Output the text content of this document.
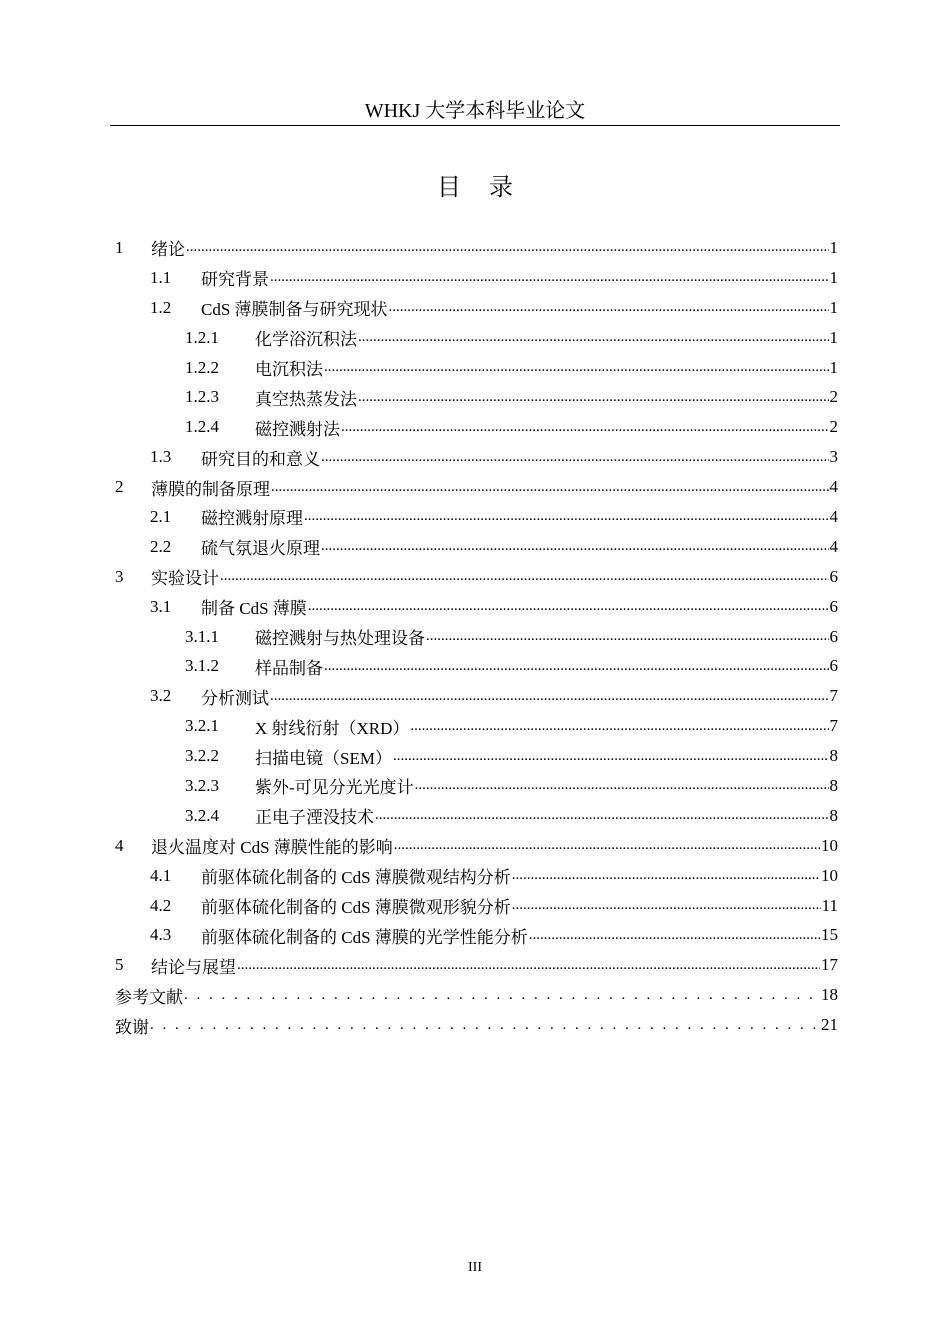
WHKJ 大学本科毕业论文
目录
1	绪论 .....	1
1.1	研究背景 .....	1
1.2	CdS 薄膜制备与研究现状 .....	1
1.2.1	化学浴沉积法 .....	1
1.2.2	电沉积法 .....	1
1.2.3	真空热蒸发法 .....	2
1.2.4	磁控溅射法 .....	2
1.3	研究目的和意义 .....	3
2	薄膜的制备原理 .....	4
2.1	磁控溅射原理 .....	4
2.2	硫气氛退火原理 .....	4
3	实验设计 .....	6
3.1	制备 CdS 薄膜 .....	6
3.1.1	磁控溅射与热处理设备 .....	6
3.1.2	样品制备 .....	6
3.2	分析测试 .....	7
3.2.1	X 射线衍射（XRD） .....	7
3.2.2	扫描电镜（SEM） .....	8
3.2.3	紫外-可见分光光度计 .....	8
3.2.4	正电子湮没技术 .....	8
4	退火温度对 CdS 薄膜性能的影响 .....	10
4.1	前驱体硫化制备的 CdS 薄膜微观结构分析 .....	10
4.2	前驱体硫化制备的 CdS 薄膜微观形貌分析 .....	11
4.3	前驱体硫化制备的 CdS 薄膜的光学性能分析 .....	15
5	结论与展望 .....	17
参考文献 . . .	18
致谢 . . .	21
III
